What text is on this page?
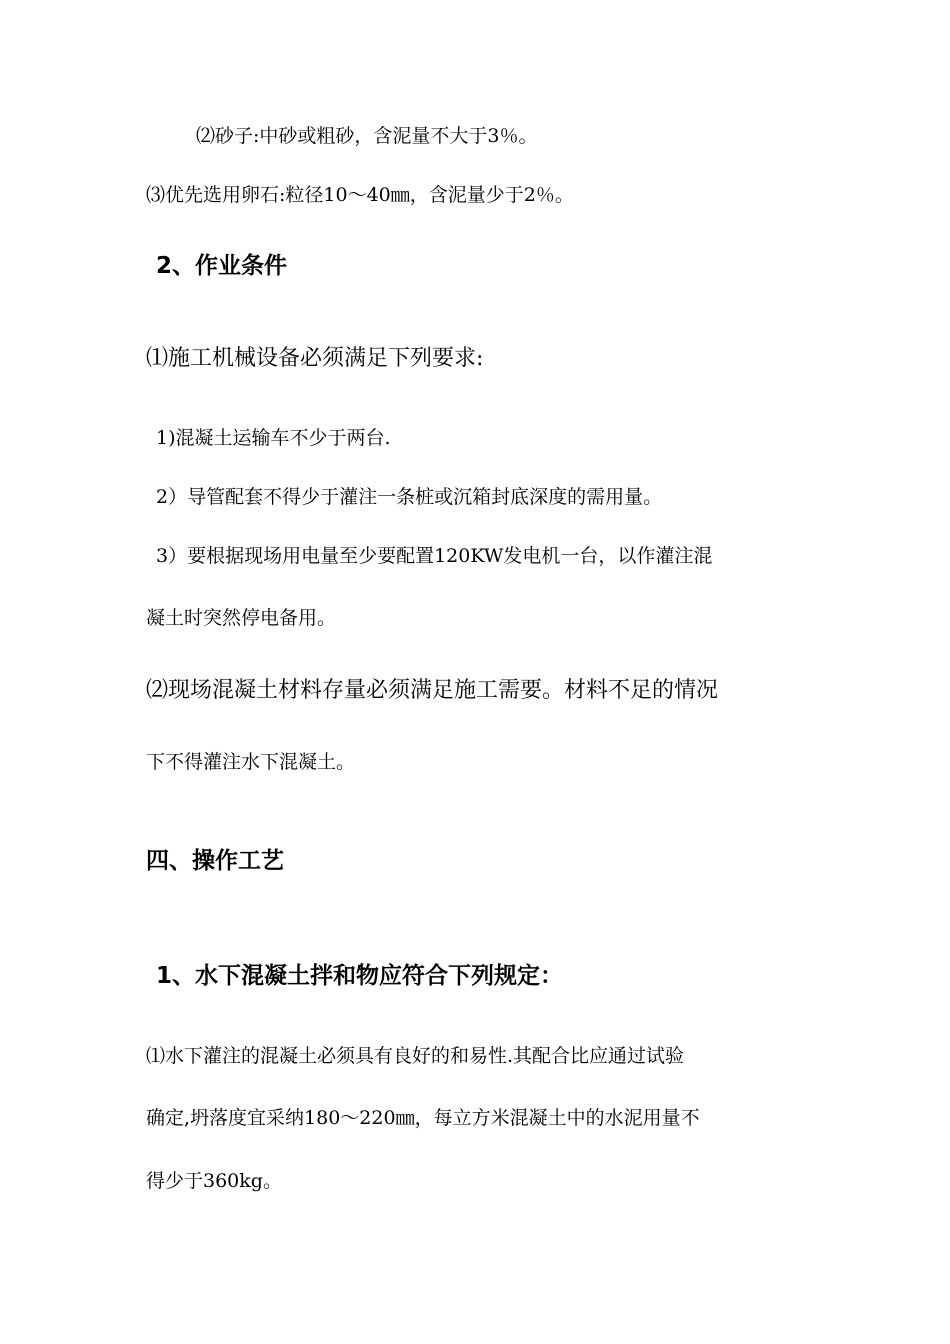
⑵砂子:中砂或粗砂，含泥量不大于3％。
⑶优先选用卵石:粒径10～40㎜，含泥量少于2％。
2、作业条件
⑴施工机械设备必须满足下列要求:
1)混凝土运输车不少于两台.
2）导管配套不得少于灌注一条桩或沉箱封底深度的需用量。
3）要根据现场用电量至少要配置120KW发电机一台，以作灌注混
凝土时突然停电备用。
⑵现场混凝土材料存量必须满足施工需要。材料不足的情况
下不得灌注水下混凝土。
四、操作工艺
1、水下混凝土拌和物应符合下列规定：
⑴水下灌注的混凝土必须具有良好的和易性.其配合比应通过试验
确定,坍落度宜采纳180～220㎜，每立方米混凝土中的水泥用量不
得少于360kg。
